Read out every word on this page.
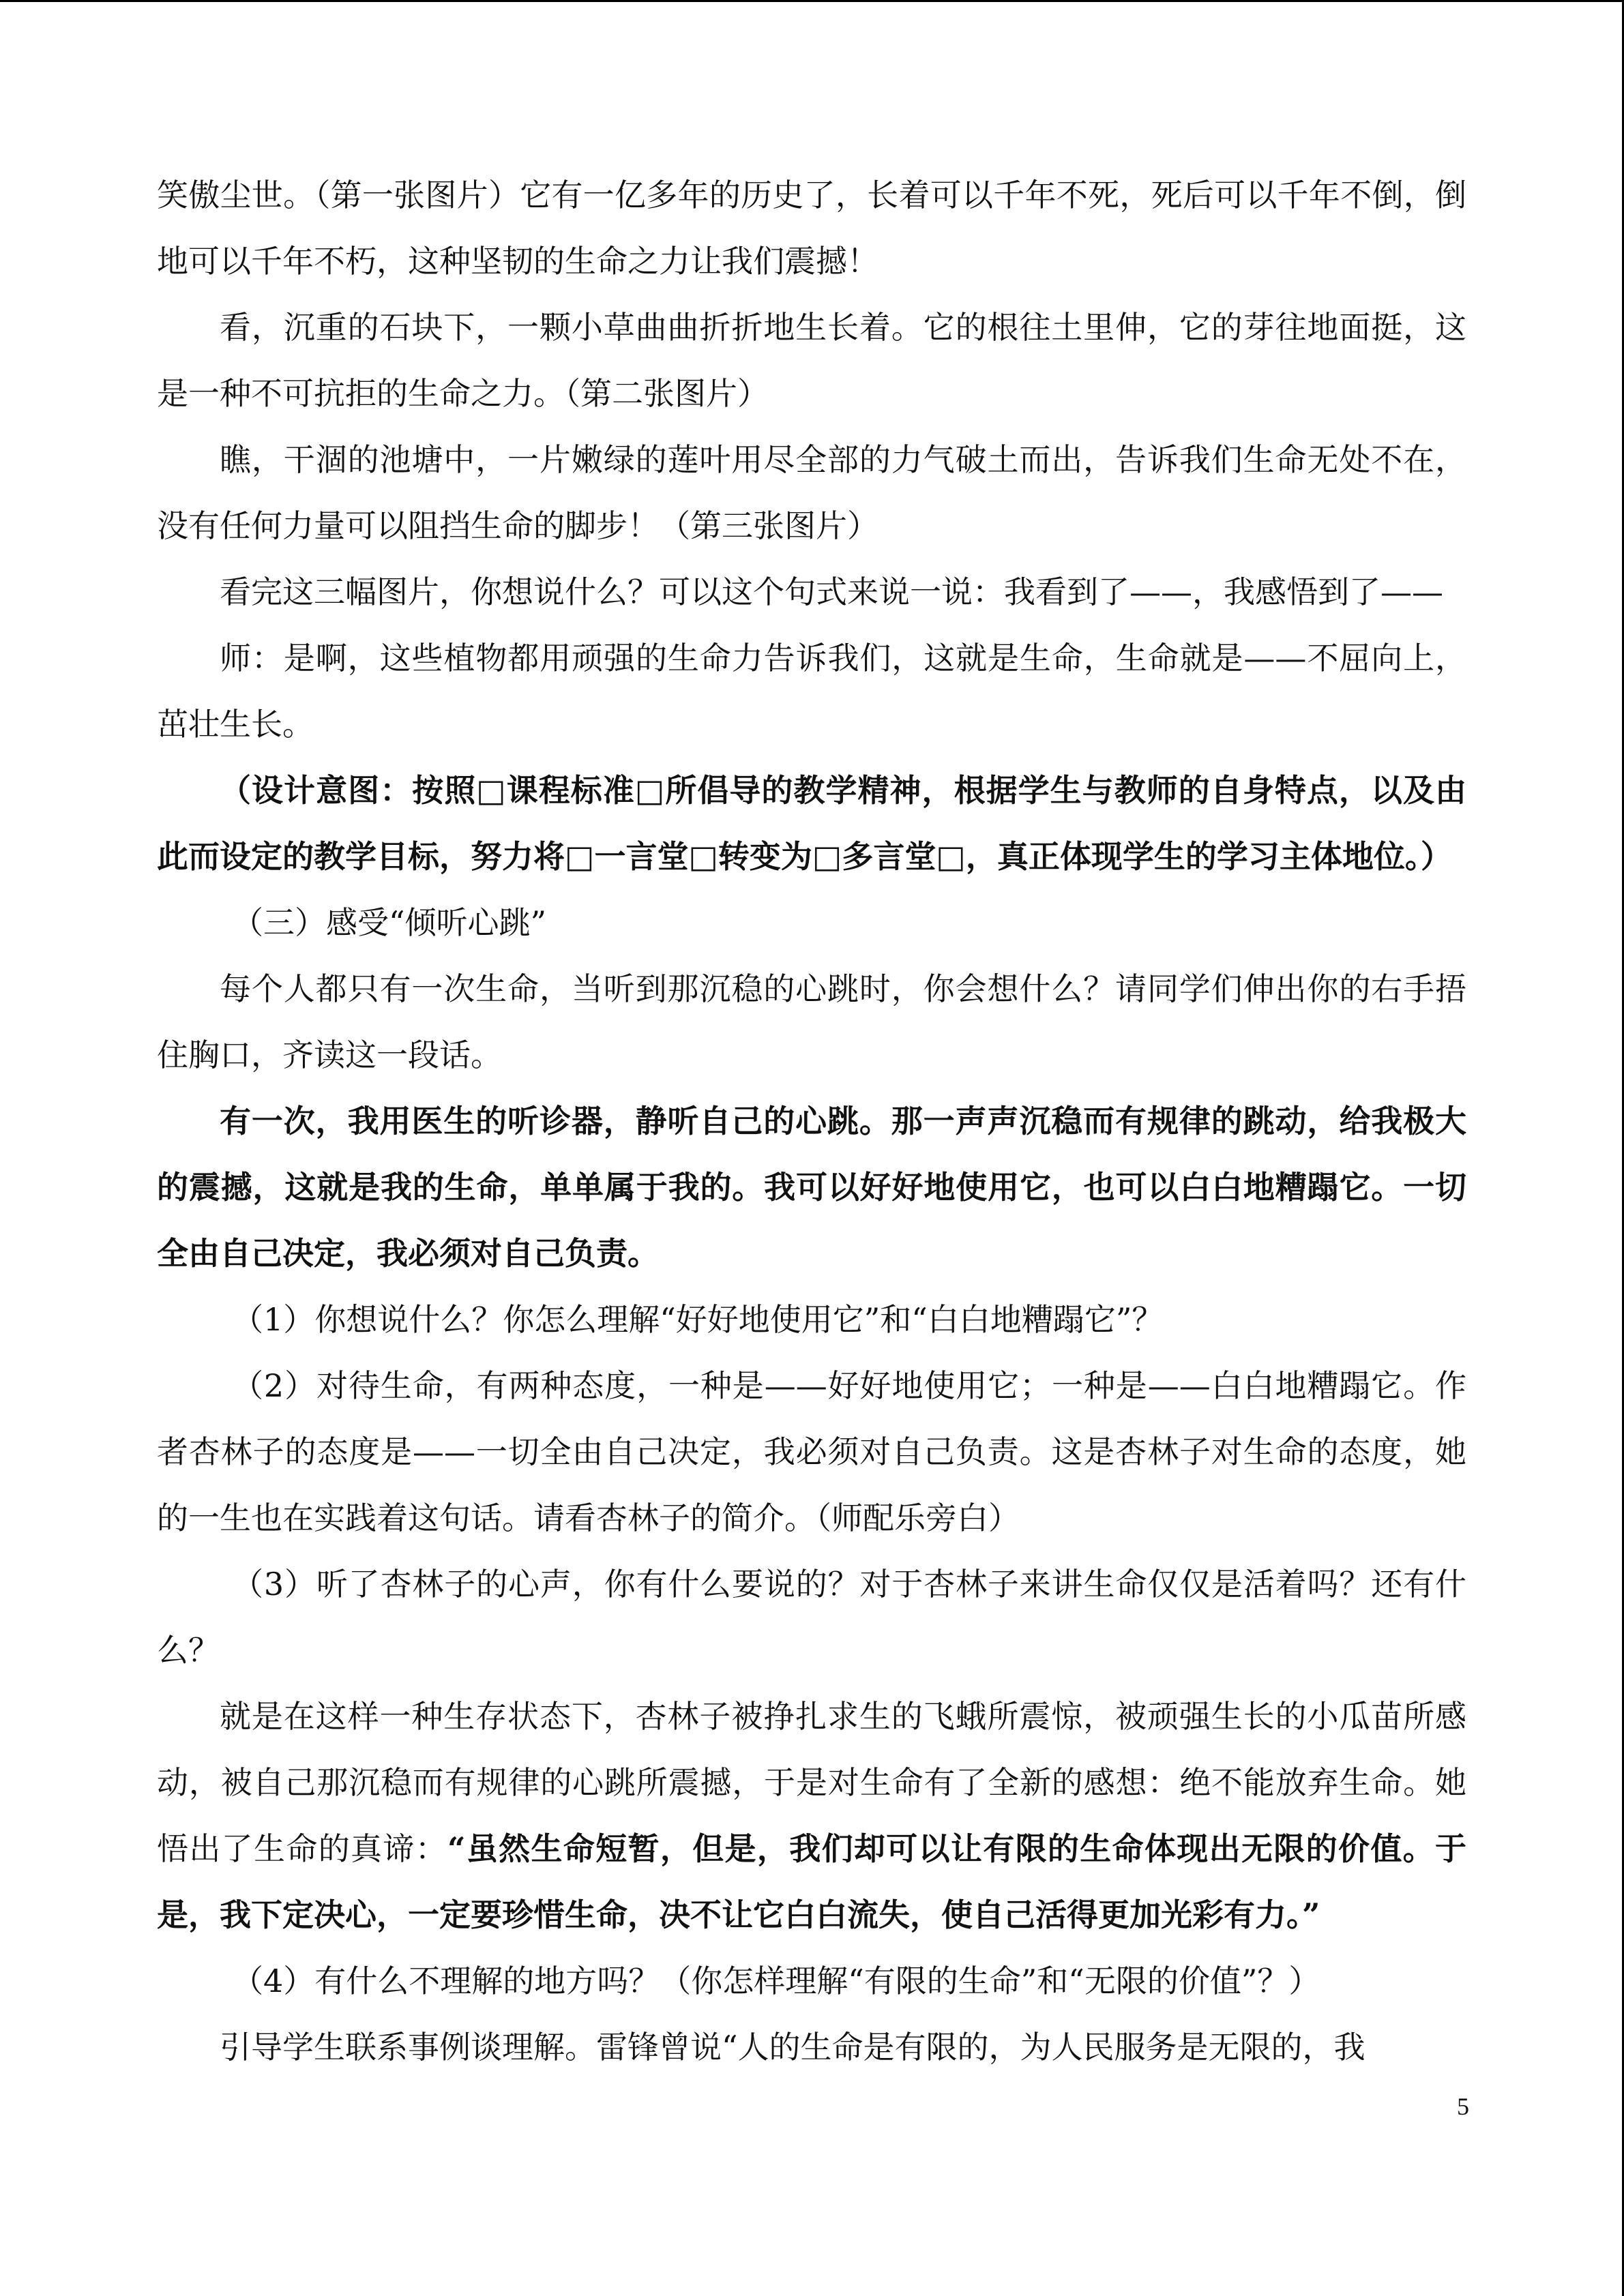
笑傲尘世。（第一张图片）它有一亿多年的历史了，长着可以千年不死，死后可以千年不倒，倒地可以千年不朽，这种坚韧的生命之力让我们震撼！

看，沉重的石块下，一颗小草曲曲折折地生长着。它的根往土里伸，它的芽往地面挺，这是一种不可抗拒的生命之力。（第二张图片）

瞧，干涸的池塘中，一片嫩绿的莲叶用尽全部的力气破土而出，告诉我们生命无处不在，没有任何力量可以阻挡生命的脚步！（第三张图片）

看完这三幅图片，你想说什么？可以这个句式来说一说：我看到了——，我感悟到了——

师：是啊，这些植物都用顽强的生命力告诉我们，这就是生命，生命就是——不屈向上，茁壮生长。

（设计意图：按照□课程标准□所倡导的教学精神，根据学生与教师的自身特点，以及由此而设定的教学目标，努力将□一言堂□转变为□多言堂□，真正体现学生的学习主体地位。）

（三）感受“倾听心跳”

每个人都只有一次生命，当听到那沉稳的心跳时，你会想什么？请同学们伸出你的右手捂住胸口，齐读这一段话。

有一次，我用医生的听诊器，静听自己的心跳。那一声声沉稳而有规律的跳动，给我极大的震撼，这就是我的生命，单单属于我的。我可以好好地使用它，也可以白白地糟蹋它。一切全由自己决定，我必须对自己负责。

（1）你想说什么？你怎么理解“好好地使用它”和“白白地糟蹋它”？

（2）对待生命，有两种态度，一种是——好好地使用它；一种是——白白地糟蹋它。作者杏林子的态度是——一切全由自己决定，我必须对自己负责。这是杏林子对生命的态度，她的一生也在实践着这句话。请看杏林子的简介。（师配乐旁白）

（3）听了杏林子的心声，你有什么要说的？对于杏林子来讲生命仅仅是活着吗？还有什么？

就是在这样一种生存状态下，杏林子被挣扎求生的飞蛾所震惊，被顽强生长的小瓜苗所感动，被自己那沉稳而有规律的心跳所震撼，于是对生命有了全新的感想：绝不能放弃生命。她悟出了生命的真谛：“虽然生命短暂，但是，我们却可以让有限的生命体现出无限的价值。于是，我下定决心，一定要珍惜生命，决不让它白白流失，使自己活得更加光彩有力。”

（4）有什么不理解的地方吗？（你怎样理解“有限的生命”和“无限的价值”？）

引导学生联系事例谈理解。雷锋曾说“人的生命是有限的，为人民服务是无限的，我

5
